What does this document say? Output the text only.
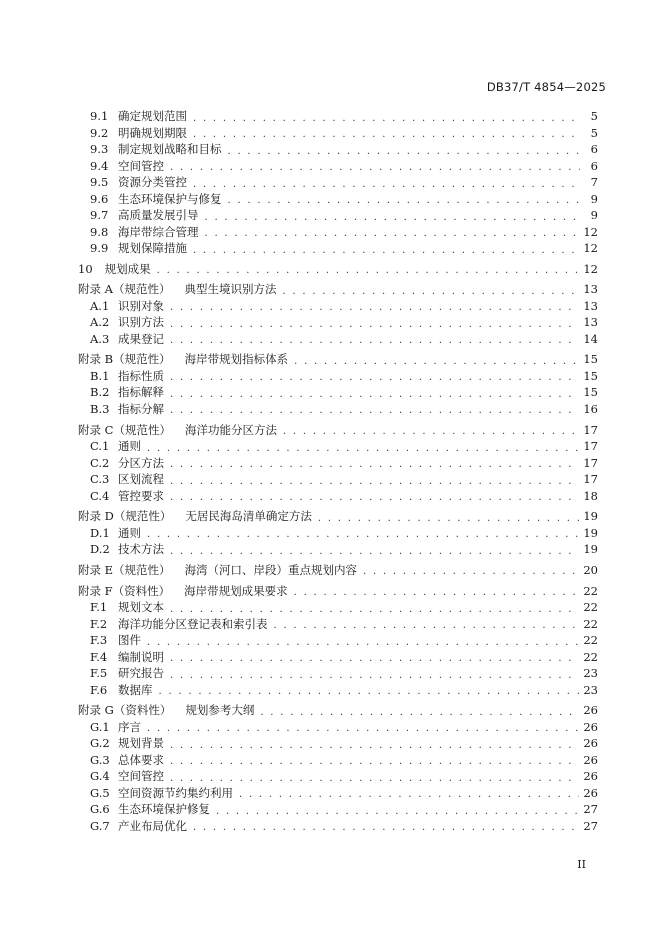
DB37/T 4854—2025
9.1 确定规划范围 . . .	5
9.2 明确规划期限 . . .	5
9.3 制定规划战略和目标 . . .	6
9.4 空间管控 . . .	6
9.5 资源分类管控 . . .	7
9.6 生态环境保护与修复 . . .	9
9.7 高质量发展引导 . . .	9
9.8 海岸带综合管理 . . .	12
9.9 规划保障措施 . . .	12
10	规划成果 . . .	12
附录 A（规范性）	典型生境识别方法 . . .	13
A.1 识别对象 . . .	13
A.2 识别方法 . . .	13
A.3 成果登记 . . .	14
附录 B（规范性）	海岸带规划指标体系 . . .	15
B.1 指标性质 . . .	15
B.2 指标解释 . . .	15
B.3 指标分解 . . .	16
附录 C（规范性）	海洋功能分区方法 . . .	17
C.1 通则 . . .	17
C.2 分区方法 . . .	17
C.3 区划流程 . . .	17
C.4 管控要求 . . .	18
附录 D（规范性）	无居民海岛清单确定方法 . . .	19
D.1 通则 . . .	19
D.2 技术方法 . . .	19
附录 E（规范性）	海湾（河口、岸段）重点规划内容 . . .	20
附录 F（资料性）	海岸带规划成果要求 . . .	22
F.1 规划文本 . . .	22
F.2 海洋功能分区登记表和索引表 . . .	22
F.3 图件 . . .	22
F.4 编制说明 . . .	22
F.5 研究报告 . . .	23
F.6 数据库 . . .	23
附录 G（资料性）	规划参考大纲 . . .	26
G.1 序言 . . .	26
G.2 规划背景 . . .	26
G.3 总体要求 . . .	26
G.4 空间管控 . . .	26
G.5 空间资源节约集约利用 . . .	26
G.6 生态环境保护修复 . . .	27
G.7 产业布局优化 . . .	27
II
